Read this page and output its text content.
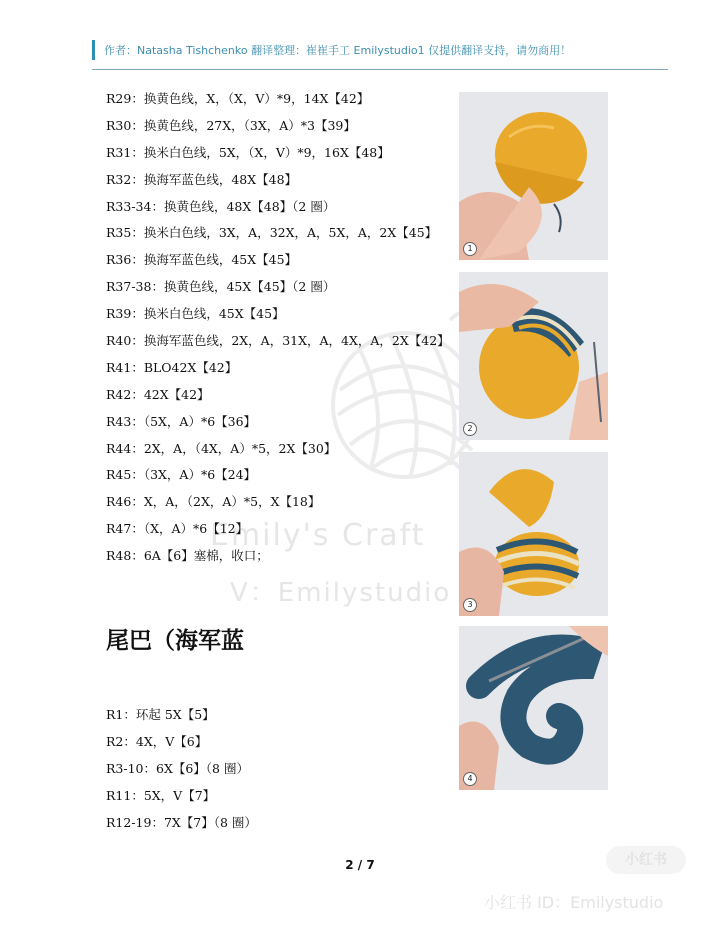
作者：Natasha Tishchenko 翻译整理：崔崔手工 Emilystudio1 仅提供翻译支持，请勿商用！
Emily's Craft
V：Emilystudio
R29：换黄色线，X，（X，V）*9，14X【42】
R30：换黄色线，27X，（3X，A）*3【39】
R31：换米白色线，5X，（X，V）*9，16X【48】
R32：换海军蓝色线，48X【48】
R33-34：换黄色线，48X【48】（2 圈）
R35：换米白色线，3X，A，32X，A，5X，A，2X【45】
R36：换海军蓝色线，45X【45】
R37-38：换黄色线，45X【45】（2 圈）
R39：换米白色线，45X【45】
R40：换海军蓝色线，2X，A，31X，A，4X，A，2X【42】
R41：BLO42X【42】
R42：42X【42】
R43：（5X，A）*6【36】
R44：2X，A，（4X，A）*5，2X【30】
R45：（3X，A）*6【24】
R46：X，A，（2X，A）*5，X【18】
R47：（X，A）*6【12】
R48：6A【6】塞棉，收口；
尾巴（海军蓝
R1：环起 5X【5】
R2：4X，V【6】
R3-10：6X【6】（8 圈）
R11：5X，V【7】
R12-19：7X【7】（8 圈）
1
2
3
4
2 / 7	小红书
小红书 ID：Emilystudio
